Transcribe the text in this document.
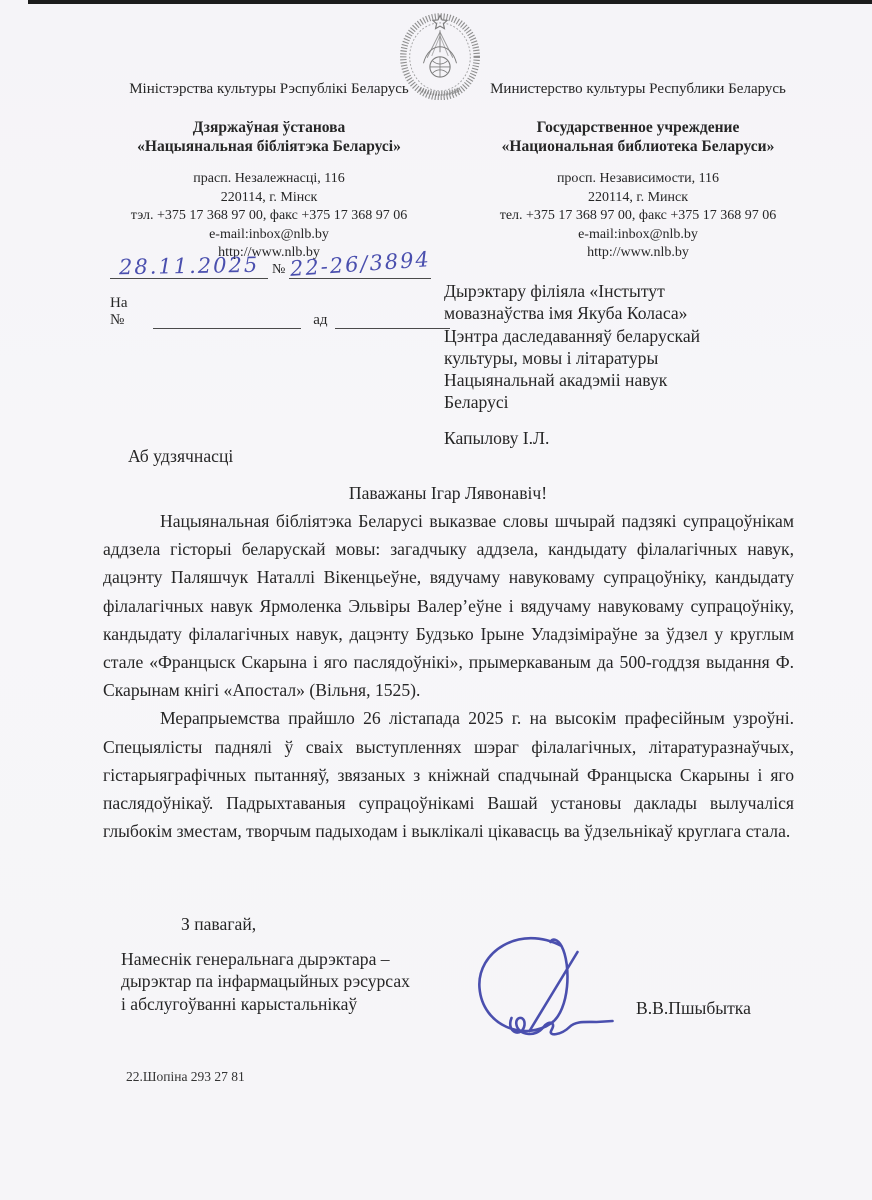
Міністэрства культуры Рэспублікі Беларусь
Дзяржаўная ўстанова
«Нацыянальная бібліятэка Беларусі»
прасп. Незалежнасці, 116
220114, г. Мінск
тэл. +375 17 368 97 00, факс +375 17 368 97 06
e-mail:inbox@nlb.by
http://www.nlb.by
Министерство культуры Республики Беларусь
Государственное учреждение
«Национальная библиотека Беларуси»
просп. Независимости, 116
220114, г. Минск
тел. +375 17 368 97 00, факс +375 17 368 97 06
e-mail:inbox@nlb.by
http://www.nlb.by
28.11.2025 № 22-26/3894
На №	ад
Дырэктару філіяла «Інстытут
мовазнаўства імя Якуба Коласа»
Цэнтра даследаванняў беларускай
культуры, мовы і літаратуры
Нацыянальнай акадэміі навук
Беларусі
Капылову І.Л.
Аб удзячнасці
Паважаны Ігар Лявонавіч!

Нацыянальная бібліятэка Беларусі выказвае словы шчырай падзякі супрацоўнікам аддзела гісторыі беларускай мовы: загадчыку аддзела, кандыдату філалагічных навук, дацэнту Паляшчук Наталлі Вікенцьеўне, вядучаму навуковаму супрацоўніку, кандыдату філалагічных навук Ярмоленка Эльвіры Валер’еўне і вядучаму навуковаму супрацоўніку, кандыдату філалагічных навук, дацэнту Будзько Ірыне Уладзіміраўне за ўдзел у круглым стале «Францыск Скарына і яго паслядоўнікі», прымеркаваным да 500-годдзя выдання Ф. Скарынам кнігі «Апостал» (Вільня, 1525).

Мерапрыемства прайшло 26 лістапада 2025 г. на высокім прафесійным узроўні. Спецыялісты паднялі ў сваіх выступленнях шэраг філалагічных, літаратуразнаўчых, гістарыяграфічных пытанняў, звязаных з кніжнай спадчынай Францыска Скарыны і яго паслядоўнікаў. Падрыхтаваныя супрацоўнікамі Вашай установы даклады вылучаліся глыбокім зместам, творчым падыходам і выклікалі цікавасць ва ўдзельнікаў круглага стала.

З павагай,
Намеснік генеральнага дырэктара –
дырэктар па інфармацыйных рэсурсах
і абслугоўванні карыстальнікаў	В.В.Пшыбытка
22.Шопіна 293 27 81
